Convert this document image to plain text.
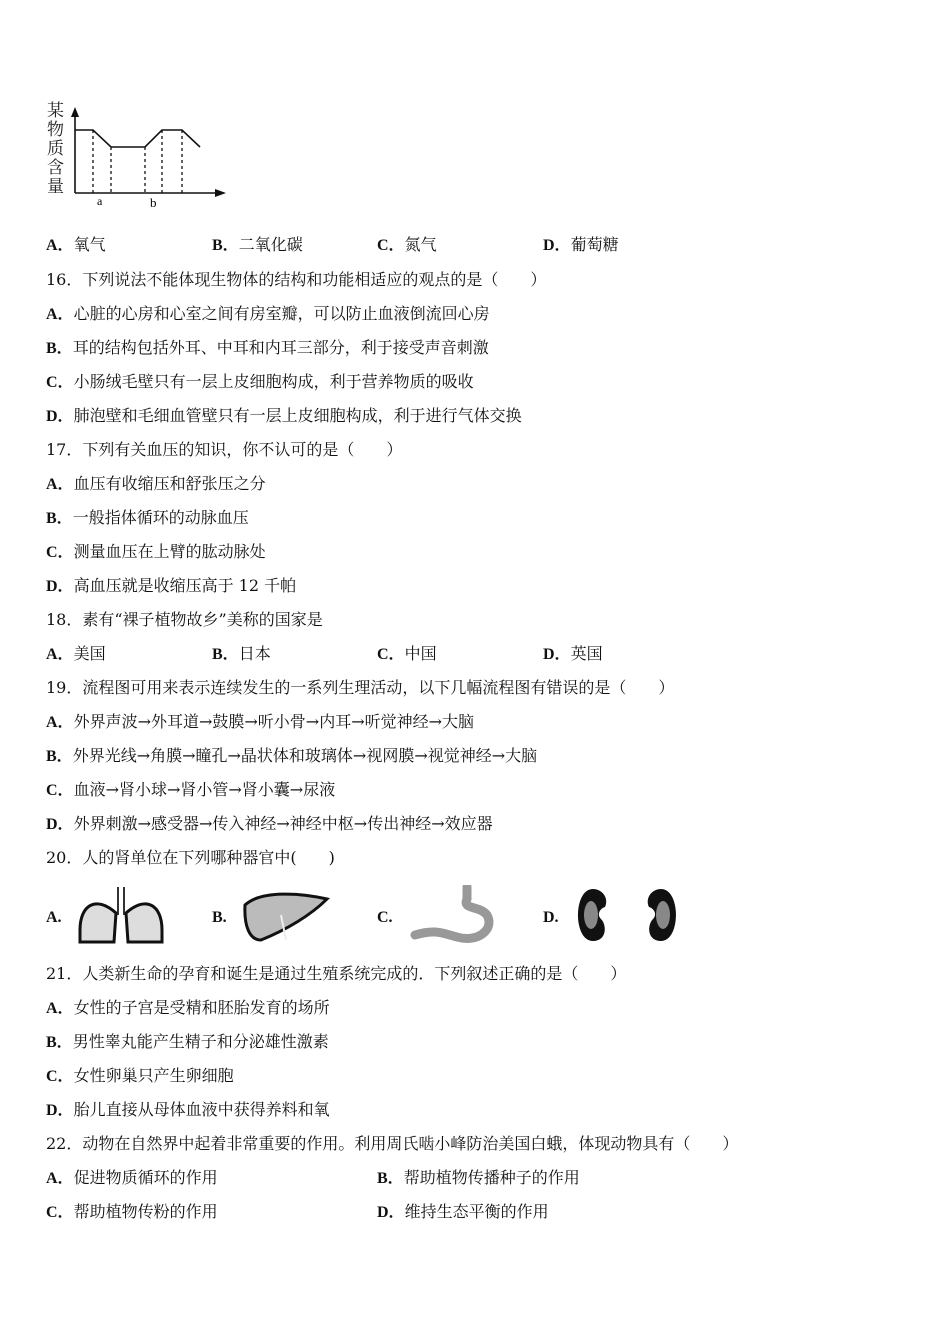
某
物
质
含
量
a	b
A．氧气	B．二氧化碳	C．氮气	D．葡萄糖
16．下列说法不能体现生物体的结构和功能相适应的观点的是（　　）
A．心脏的心房和心室之间有房室瓣，可以防止血液倒流回心房
B．耳的结构包括外耳、中耳和内耳三部分，利于接受声音刺激
C．小肠绒毛壁只有一层上皮细胞构成，利于营养物质的吸收
D．肺泡壁和毛细血管壁只有一层上皮细胞构成，利于进行气体交换
17．下列有关血压的知识，你不认可的是（　　）
A．血压有收缩压和舒张压之分
B．一般指体循环的动脉血压
C．测量血压在上臂的肱动脉处
D．高血压就是收缩压高于 12 千帕
18．素有“裸子植物故乡”美称的国家是
A．美国	B．日本	C．中国	D．英国
19．流程图可用来表示连续发生的一系列生理活动，以下几幅流程图有错误的是（　　）
A．外界声波→外耳道→鼓膜→听小骨→内耳→听觉神经→大脑
B．外界光线→角膜→瞳孔→晶状体和玻璃体→视网膜→视觉神经→大脑
C．血液→肾小球→肾小管→肾小囊→尿液
D．外界刺激→感受器→传入神经→神经中枢→传出神经→效应器
20．人的肾单位在下列哪种器官中(　　)
A.	B.	C.	D.
21．人类新生命的孕育和诞生是通过生殖系统完成的．下列叙述正确的是（　　）
A．女性的子宫是受精和胚胎发育的场所
B．男性睾丸能产生精子和分泌雄性激素
C．女性卵巢只产生卵细胞
D．胎儿直接从母体血液中获得养料和氧
22．动物在自然界中起着非常重要的作用。利用周氏啮小峰防治美国白蛾，体现动物具有（　　）
A．促进物质循环的作用	B．帮助植物传播种子的作用
C．帮助植物传粉的作用	D．维持生态平衡的作用
